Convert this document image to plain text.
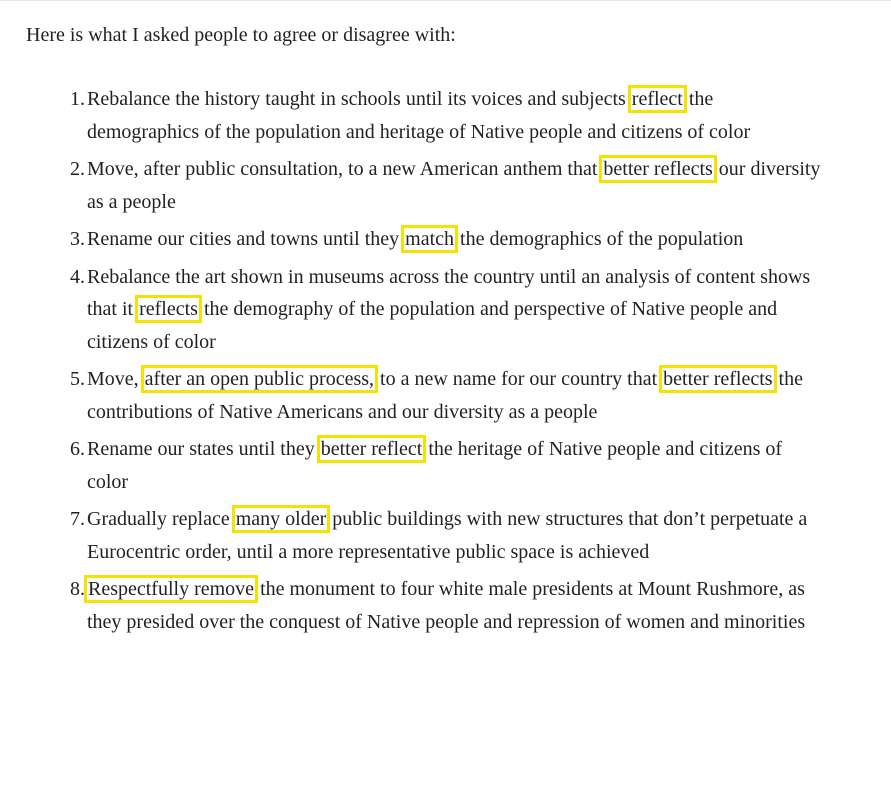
Here is what I asked people to agree or disagree with:

1. Rebalance the history taught in schools until its voices and subjects reflect the demographics of the population and heritage of Native people and citizens of color
2. Move, after public consultation, to a new American anthem that better reflects our diversity as a people
3. Rename our cities and towns until they match the demographics of the population
4. Rebalance the art shown in museums across the country until an analysis of content shows that it reflects the demography of the population and perspective of Native people and citizens of color
5. Move, after an open public process, to a new name for our country that better reflects the contributions of Native Americans and our diversity as a people
6. Rename our states until they better reflect the heritage of Native people and citizens of color
7. Gradually replace many older public buildings with new structures that don’t perpetuate a Eurocentric order, until a more representative public space is achieved
8. Respectfully remove the monument to four white male presidents at Mount Rushmore, as they presided over the conquest of Native people and repression of women and minorities
